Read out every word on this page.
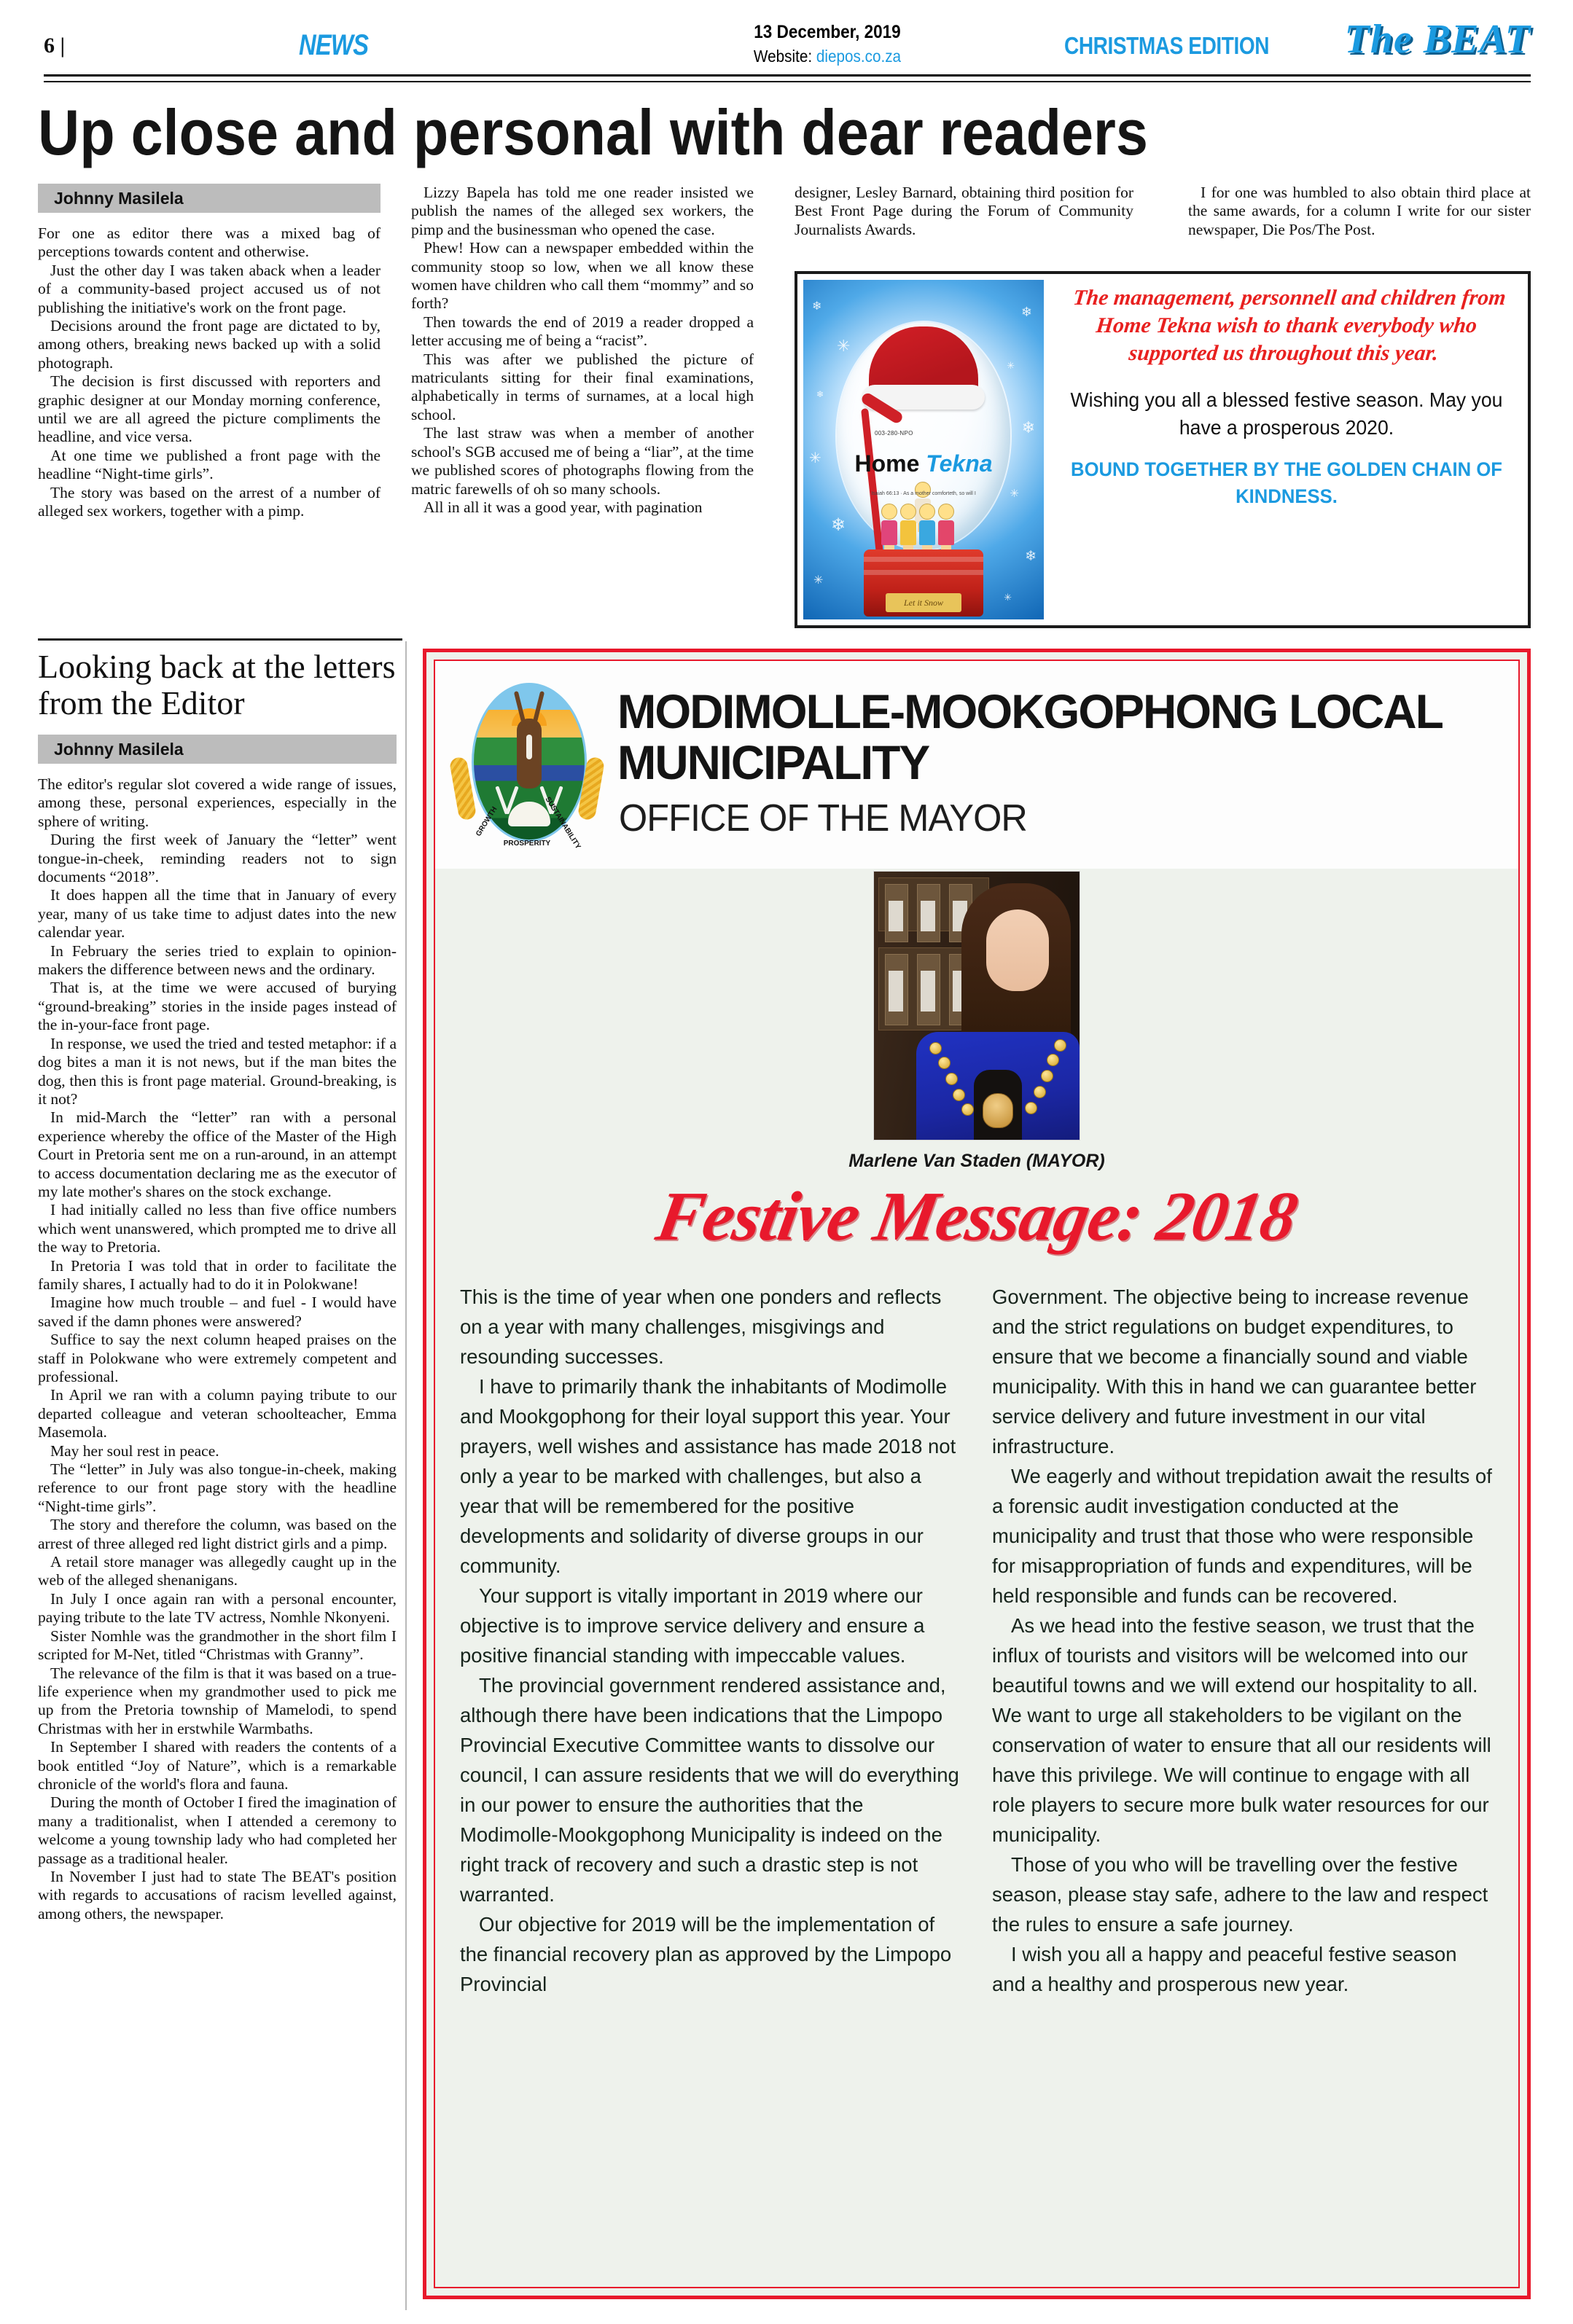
6 |	NEWS	13 December, 2019
Website: diepos.co.za	CHRISTMAS EDITION The BEAT
Up close and personal with dear readers
Johnny Masilela

For one as editor there was a mixed bag of perceptions towards content and otherwise.

Just the other day I was taken aback when a leader of a community-based project accused us of not publishing the initiative's work on the front page.

Decisions around the front page are dictated to by, among others, breaking news backed up with a solid photograph.

The decision is first discussed with reporters and graphic designer at our Monday morning conference, until we are all agreed the picture compliments the headline, and vice versa.

At one time we published a front page with the headline “Night-time girls”.

The story was based on the arrest of a number of alleged sex workers, together with a pimp.

Lizzy Bapela has told me one reader insisted we publish the names of the alleged sex workers, the pimp and the businessman who opened the case.

Phew! How can a newspaper embedded within the community stoop so low, when we all know these women have children who call them “mommy” and so forth?

Then towards the end of 2019 a reader dropped a letter accusing me of being a “racist”.

This was after we published the picture of matriculants sitting for their final examinations, alphabetically in terms of surnames, at a local high school.

The last straw was when a member of another school's SGB accused me of being a “liar”, at the time we published scores of photographs flowing from the matric farewells of oh so many schools.

All in all it was a good year, with pagination

designer, Lesley Barnard, obtaining third position for Best Front Page during the Forum of Community Journalists Awards.

I for one was humbled to also obtain third place at the same awards, for a column I write for our sister newspaper, Die Pos/The Post.

❄
✳
❄
✳
❄
✳
❄
✳
❄
✳
❄
✳
003-280-NPO
Home Tekna
Isaiah 66:13 · As a mother comforteth, so will I
Let it Snow
The management, personnell and children from Home Tekna wish to thank everybody who supported us throughout this year.
Wishing you all a blessed festive season. May you have a prosperous 2020.
BOUND TOGETHER BY THE GOLDEN CHAIN OF KINDNESS.
Looking back at the letters from the Editor
Johnny Masilela

The editor's regular slot covered a wide range of issues, among these, personal experiences, especially in the sphere of writing.

During the first week of January the “letter” went tongue-in-cheek, reminding readers not to sign documents “2018”.

It does happen all the time that in January of every year, many of us take time to adjust dates into the new calendar year.

In February the series tried to explain to opinion-makers the difference between news and the ordinary.

That is, at the time we were accused of burying “ground-breaking” stories in the inside pages instead of the in-your-face front page.

In response, we used the tried and tested metaphor: if a dog bites a man it is not news, but if the man bites the dog, then this is front page material. Ground-breaking, is it not?

In mid-March the “letter” ran with a personal experience whereby the office of the Master of the High Court in Pretoria sent me on a run-around, in an attempt to access documentation declaring me as the executor of my late mother's shares on the stock exchange.

I had initially called no less than five office numbers which went unanswered, which prompted me to drive all the way to Pretoria.

In Pretoria I was told that in order to facilitate the family shares, I actually had to do it in Polokwane!

Imagine how much trouble – and fuel - I would have saved if the damn phones were answered?

Suffice to say the next column heaped praises on the staff in Polokwane who were extremely competent and professional.

In April we ran with a column paying tribute to our departed colleague and veteran schoolteacher, Emma Masemola.

May her soul rest in peace.

The “letter” in July was also tongue-in-cheek, making reference to our front page story with the headline “Night-time girls”.

The story and therefore the column, was based on the arrest of three alleged red light district girls and a pimp.

A retail store manager was allegedly caught up in the web of the alleged shenanigans.

In July I once again ran with a personal encounter, paying tribute to the late TV actress, Nomhle Nkonyeni.

Sister Nomhle was the grandmother in the short film I scripted for M-Net, titled “Christmas with Granny”.

The relevance of the film is that it was based on a true-life experience when my grandmother used to pick me up from the Pretoria township of Mamelodi, to spend Christmas with her in erstwhile Warmbaths.

In September I shared with readers the contents of a book entitled “Joy of Nature”, which is a remarkable chronicle of the world's flora and fauna.

During the month of October I fired the imagination of many a traditionalist, when I attended a ceremony to welcome a young township lady who had completed her passage as a traditional healer.

In November I just had to state The BEAT's position with regards to accusations of racism levelled against, among others, the newspaper.

GROWTH	SUSTAINABILITY
PROSPERITY
MODIMOLLE-MOOKGOPHONG LOCAL MUNICIPALITY
OFFICE OF THE MAYOR
Marlene Van Staden (MAYOR)
Festive Message: 2018

This is the time of year when one ponders and reflects on a year with many challenges, misgivings and resounding successes.

I have to primarily thank the inhabitants of Modimolle and Mookgophong for their loyal support this year. Your prayers, well wishes and assistance has made 2018 not only a year to be marked with challenges, but also a year that will be remembered for the positive developments and solidarity of diverse groups in our community.

Your support is vitally important in 2019 where our objective is to improve service delivery and ensure a positive financial standing with impeccable values.

The provincial government rendered assistance and, although there have been indications that the Limpopo Provincial Executive Committee wants to dissolve our council, I can assure residents that we will do everything in our power to ensure the authorities that the Modimolle-Mookgophong Municipality is indeed on the right track of recovery and such a drastic step is not warranted.

Our objective for 2019 will be the implementation of the financial recovery plan as approved by the Limpopo Provincial

Government. The objective being to increase revenue and the strict regulations on budget expenditures, to ensure that we become a financially sound and viable municipality. With this in hand we can guarantee better service delivery and future investment in our vital infrastructure.

We eagerly and without trepidation await the results of a forensic audit investigation conducted at the municipality and trust that those who were responsible for misappropriation of funds and expenditures, will be held responsible and funds can be recovered.

As we head into the festive season, we trust that the influx of tourists and visitors will be welcomed into our beautiful towns and we will extend our hospitality to all. We want to urge all stakeholders to be vigilant on the conservation of water to ensure that all our residents will have this privilege. We will continue to engage with all role players to secure more bulk water resources for our municipality.

Those of you who will be travelling over the festive season, please stay safe, adhere to the law and respect the rules to ensure a safe journey.

I wish you all a happy and peaceful festive season and a healthy and prosperous new year.
